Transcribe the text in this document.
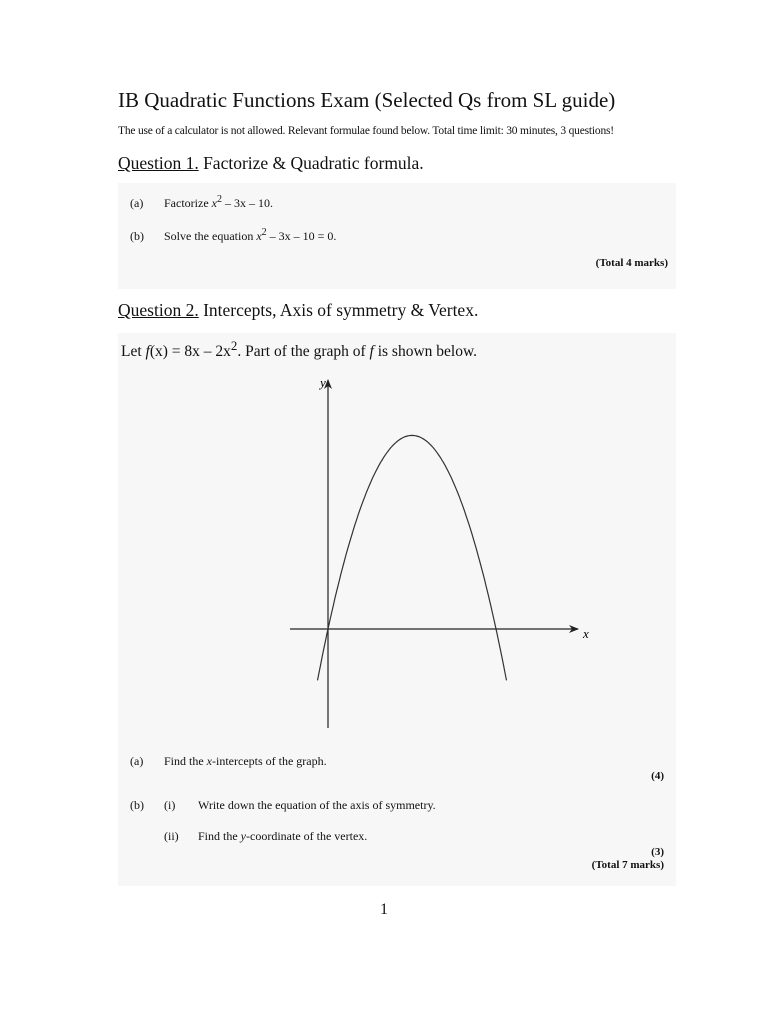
IB Quadratic Functions Exam (Selected Qs from SL guide)
The use of a calculator is not allowed. Relevant formulae found below. Total time limit: 30 minutes, 3 questions!
Question 1. Factorize & Quadratic formula.
(a) Factorize $x^2 - 3x - 10$.
(b) Solve the equation $x^2 - 3x - 10 = 0$.
(Total 4 marks)
Question 2. Intercepts, Axis of symmetry & Vertex.
Let $f(x) = 8x - 2x^2$. Part of the graph of f is shown below.
y
x
(a) Find the x-intercepts of the graph.
(4)
(b) (i) Write down the equation of the axis of symmetry.
(ii) Find the y-coordinate of the vertex.
(3)
(Total 7 marks)
1
